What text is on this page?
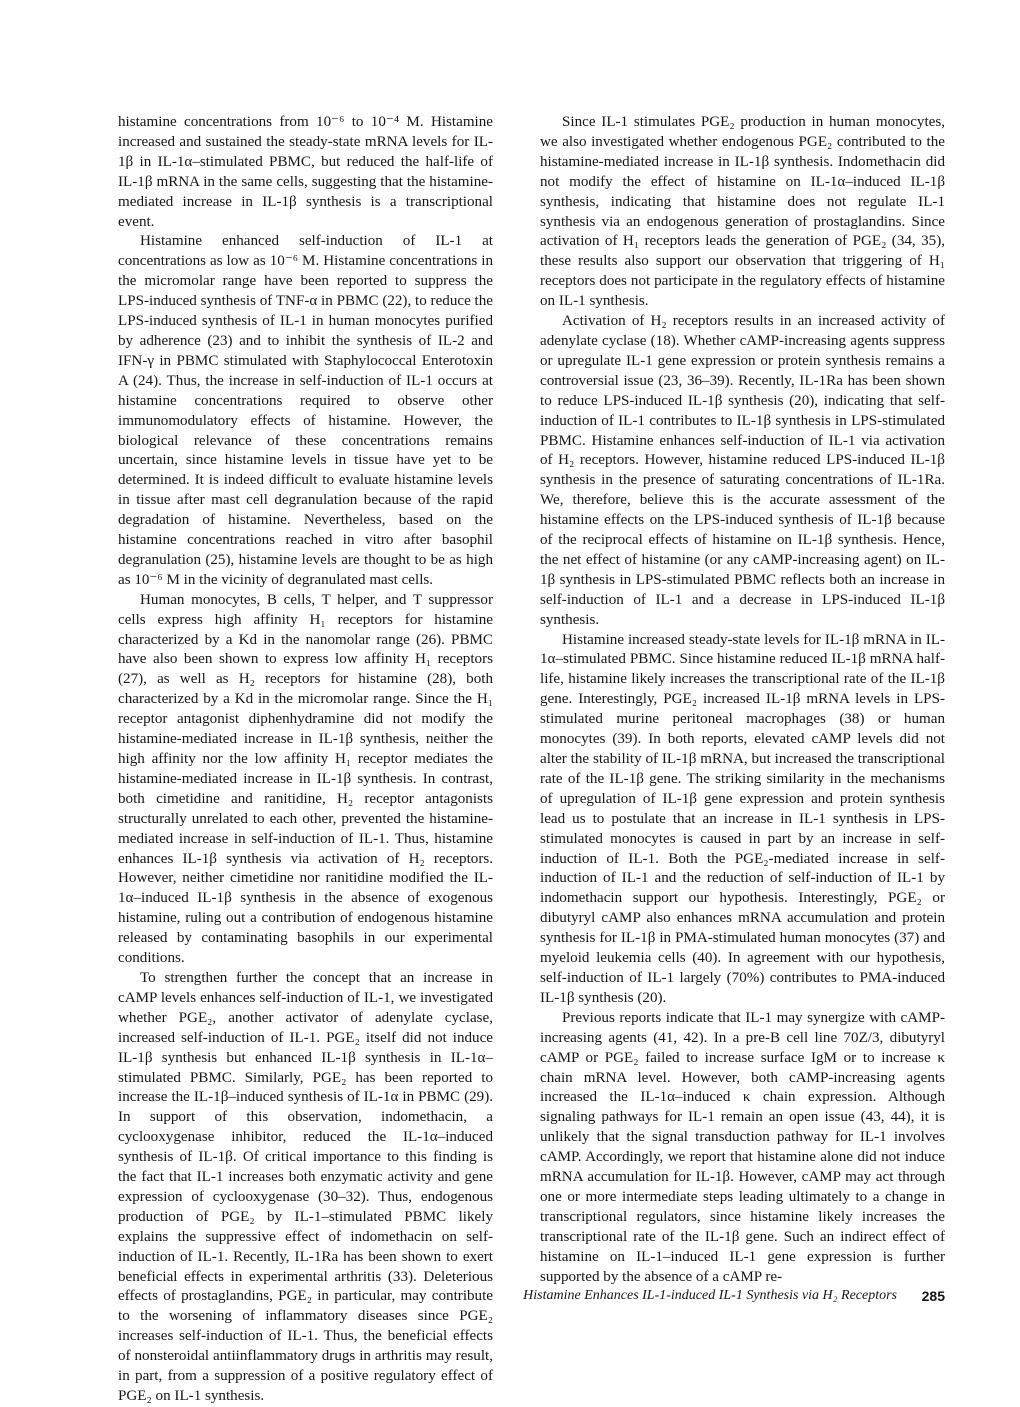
histamine concentrations from 10⁻⁶ to 10⁻⁴ M. Histamine increased and sustained the steady-state mRNA levels for IL-1β in IL-1α–stimulated PBMC, but reduced the half-life of IL-1β mRNA in the same cells, suggesting that the histamine-mediated increase in IL-1β synthesis is a transcriptional event.

Histamine enhanced self-induction of IL-1 at concentrations as low as 10⁻⁶ M. Histamine concentrations in the micromolar range have been reported to suppress the LPS-induced synthesis of TNF-α in PBMC (22), to reduce the LPS-induced synthesis of IL-1 in human monocytes purified by adherence (23) and to inhibit the synthesis of IL-2 and IFN-γ in PBMC stimulated with Staphylococcal Enterotoxin A (24). Thus, the increase in self-induction of IL-1 occurs at histamine concentrations required to observe other immunomodulatory effects of histamine. However, the biological relevance of these concentrations remains uncertain, since histamine levels in tissue have yet to be determined. It is indeed difficult to evaluate histamine levels in tissue after mast cell degranulation because of the rapid degradation of histamine. Nevertheless, based on the histamine concentrations reached in vitro after basophil degranulation (25), histamine levels are thought to be as high as 10⁻⁶ M in the vicinity of degranulated mast cells.

Human monocytes, B cells, T helper, and T suppressor cells express high affinity H₁ receptors for histamine characterized by a Kd in the nanomolar range (26). PBMC have also been shown to express low affinity H₁ receptors (27), as well as H₂ receptors for histamine (28), both characterized by a Kd in the micromolar range. Since the H₁ receptor antagonist diphenhydramine did not modify the histamine-mediated increase in IL-1β synthesis, neither the high affinity nor the low affinity H₁ receptor mediates the histamine-mediated increase in IL-1β synthesis. In contrast, both cimetidine and ranitidine, H₂ receptor antagonists structurally unrelated to each other, prevented the histamine-mediated increase in self-induction of IL-1. Thus, histamine enhances IL-1β synthesis via activation of H₂ receptors. However, neither cimetidine nor ranitidine modified the IL-1α–induced IL-1β synthesis in the absence of exogenous histamine, ruling out a contribution of endogenous histamine released by contaminating basophils in our experimental conditions.

To strengthen further the concept that an increase in cAMP levels enhances self-induction of IL-1, we investigated whether PGE₂, another activator of adenylate cyclase, increased self-induction of IL-1. PGE₂ itself did not induce IL-1β synthesis but enhanced IL-1β synthesis in IL-1α–stimulated PBMC. Similarly, PGE₂ has been reported to increase the IL-1β–induced synthesis of IL-1α in PBMC (29). In support of this observation, indomethacin, a cyclooxygenase inhibitor, reduced the IL-1α–induced synthesis of IL-1β. Of critical importance to this finding is the fact that IL-1 increases both enzymatic activity and gene expression of cyclooxygenase (30–32). Thus, endogenous production of PGE₂ by IL-1–stimulated PBMC likely explains the suppressive effect of indomethacin on self-induction of IL-1. Recently, IL-1Ra has been shown to exert beneficial effects in experimental arthritis (33). Deleterious effects of prostaglandins, PGE₂ in particular, may contribute to the worsening of inflammatory diseases since PGE₂ increases self-induction of IL-1. Thus, the beneficial effects of nonsteroidal antiinflammatory drugs in arthritis may result, in part, from a suppression of a positive regulatory effect of PGE₂ on IL-1 synthesis.

Since IL-1 stimulates PGE₂ production in human monocytes, we also investigated whether endogenous PGE₂ contributed to the histamine-mediated increase in IL-1β synthesis. Indomethacin did not modify the effect of histamine on IL-1α–induced IL-1β synthesis, indicating that histamine does not regulate IL-1 synthesis via an endogenous generation of prostaglandins. Since activation of H₁ receptors leads the generation of PGE₂ (34, 35), these results also support our observation that triggering of H₁ receptors does not participate in the regulatory effects of histamine on IL-1 synthesis.

Activation of H₂ receptors results in an increased activity of adenylate cyclase (18). Whether cAMP-increasing agents suppress or upregulate IL-1 gene expression or protein synthesis remains a controversial issue (23, 36–39). Recently, IL-1Ra has been shown to reduce LPS-induced IL-1β synthesis (20), indicating that self-induction of IL-1 contributes to IL-1β synthesis in LPS-stimulated PBMC. Histamine enhances self-induction of IL-1 via activation of H₂ receptors. However, histamine reduced LPS-induced IL-1β synthesis in the presence of saturating concentrations of IL-1Ra. We, therefore, believe this is the accurate assessment of the histamine effects on the LPS-induced synthesis of IL-1β because of the reciprocal effects of histamine on IL-1β synthesis. Hence, the net effect of histamine (or any cAMP-increasing agent) on IL-1β synthesis in LPS-stimulated PBMC reflects both an increase in self-induction of IL-1 and a decrease in LPS-induced IL-1β synthesis.

Histamine increased steady-state levels for IL-1β mRNA in IL-1α–stimulated PBMC. Since histamine reduced IL-1β mRNA half-life, histamine likely increases the transcriptional rate of the IL-1β gene. Interestingly, PGE₂ increased IL-1β mRNA levels in LPS-stimulated murine peritoneal macrophages (38) or human monocytes (39). In both reports, elevated cAMP levels did not alter the stability of IL-1β mRNA, but increased the transcriptional rate of the IL-1β gene. The striking similarity in the mechanisms of upregulation of IL-1β gene expression and protein synthesis lead us to postulate that an increase in IL-1 synthesis in LPS-stimulated monocytes is caused in part by an increase in self-induction of IL-1. Both the PGE₂-mediated increase in self-induction of IL-1 and the reduction of self-induction of IL-1 by indomethacin support our hypothesis. Interestingly, PGE₂ or dibutyryl cAMP also enhances mRNA accumulation and protein synthesis for IL-1β in PMA-stimulated human monocytes (37) and myeloid leukemia cells (40). In agreement with our hypothesis, self-induction of IL-1 largely (70%) contributes to PMA-induced IL-1β synthesis (20).

Previous reports indicate that IL-1 may synergize with cAMP-increasing agents (41, 42). In a pre-B cell line 70Z/3, dibutyryl cAMP or PGE₂ failed to increase surface IgM or to increase κ chain mRNA level. However, both cAMP-increasing agents increased the IL-1α–induced κ chain expression. Although signaling pathways for IL-1 remain an open issue (43, 44), it is unlikely that the signal transduction pathway for IL-1 involves cAMP. Accordingly, we report that histamine alone did not induce mRNA accumulation for IL-1β. However, cAMP may act through one or more intermediate steps leading ultimately to a change in transcriptional regulators, since histamine likely increases the transcriptional rate of the IL-1β gene. Such an indirect effect of histamine on IL-1–induced IL-1 gene expression is further supported by the absence of a cAMP re-

Histamine Enhances IL-1-induced IL-1 Synthesis via H₂ Receptors 285
